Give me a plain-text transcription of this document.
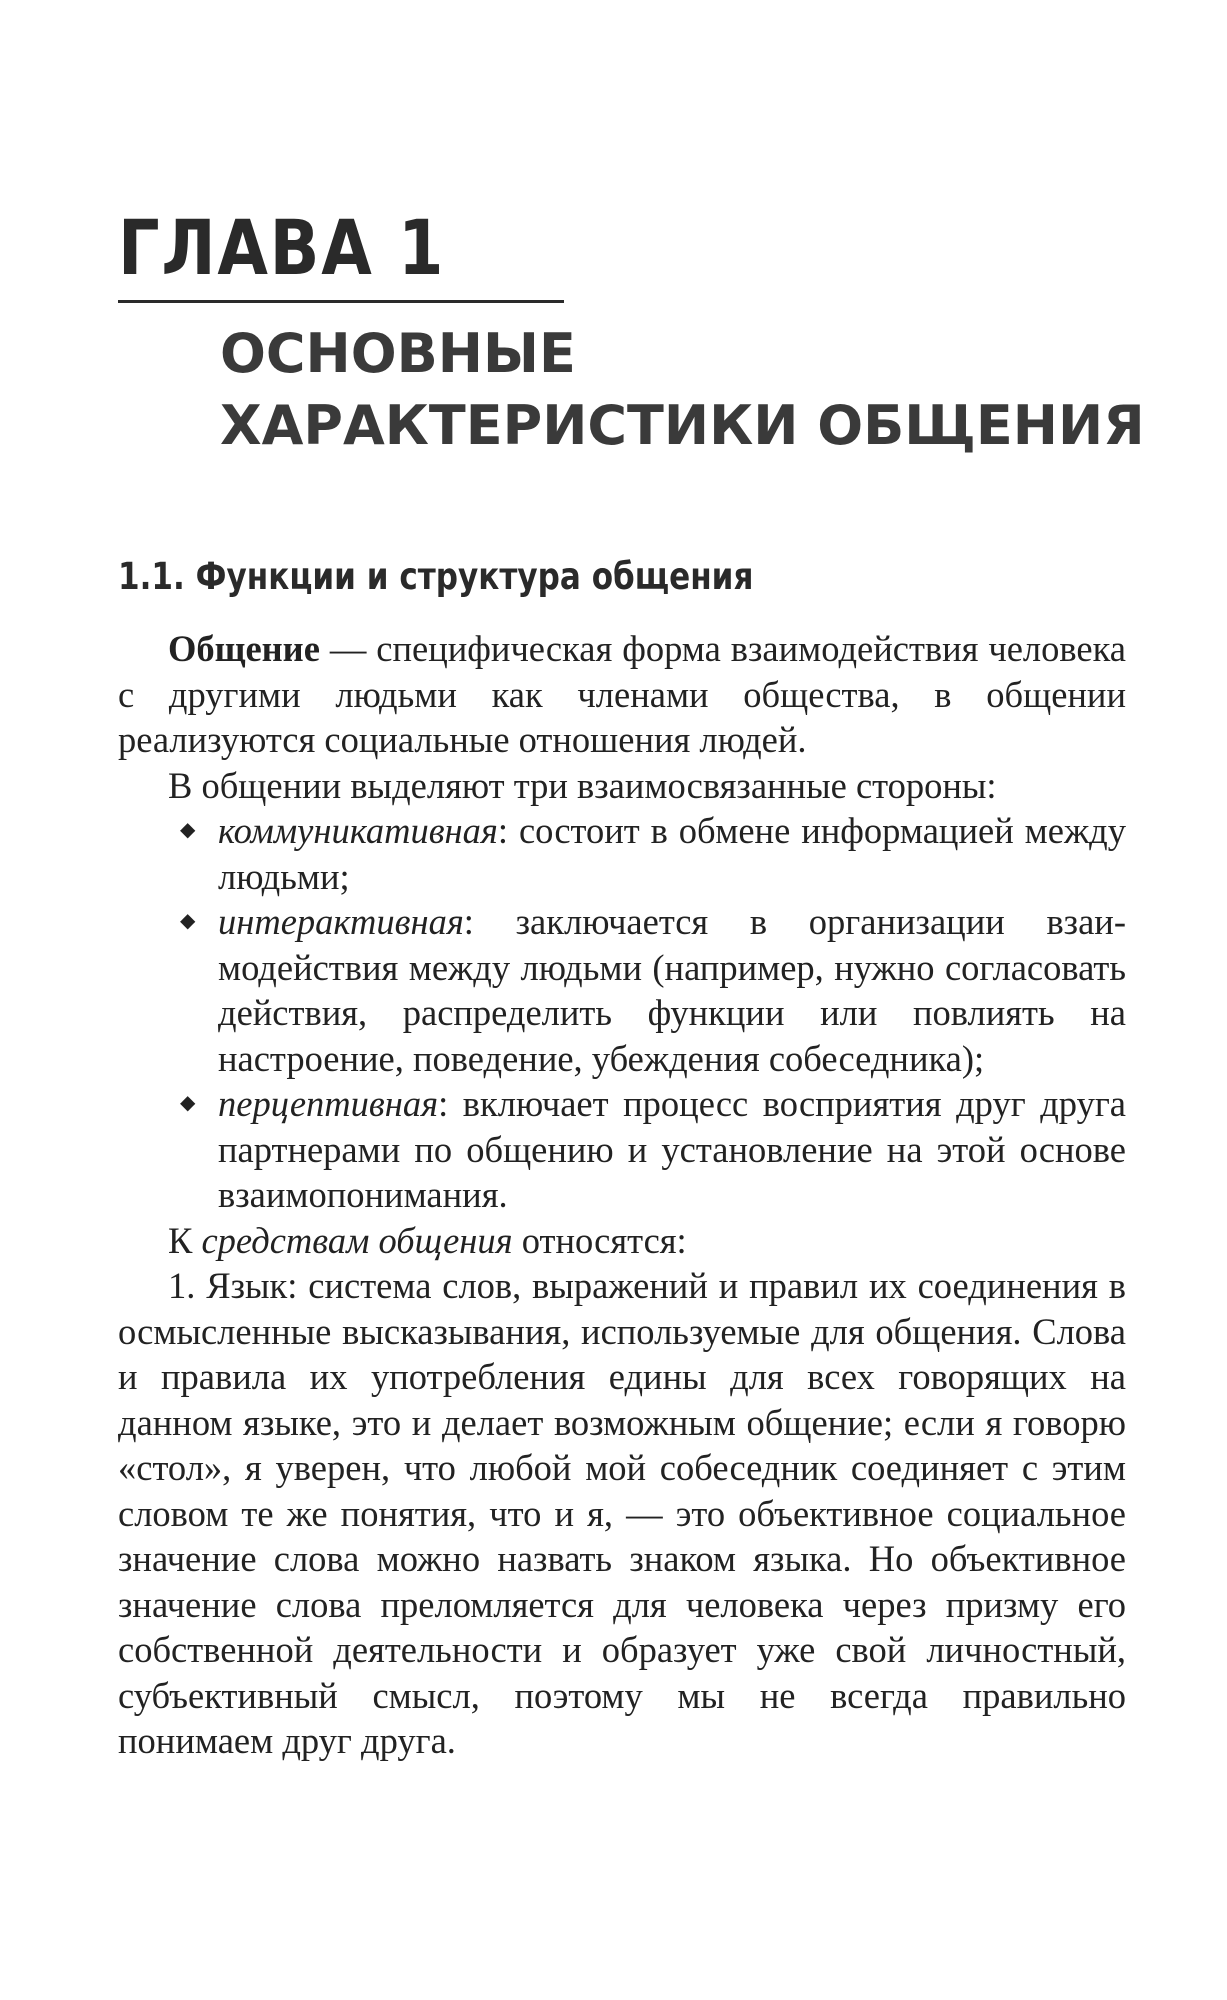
ГЛАВА 1
ОСНОВНЫЕ
ХАРАКТЕРИСТИКИ ОБЩЕНИЯ
1.1. Функции и структура общения

Общение — специфическая форма взаимодействия человека с другими людьми как членами общества, в общении реализуются социальные отношения людей.

В общении выделяют три взаимосвязанные стороны:

◆ коммуникативная: состоит в обмене информацией между людьми;
◆ интерактивная: заключается в организации взаимодействия между людьми (например, нужно согласовать действия, распределить функции или повлиять на настроение, поведение, убеждения собеседника);
◆ перцептивная: включает процесс восприятия друг друга партнерами по общению и установление на этой основе взаимопонимания.

К средствам общения относятся:

1. Язык: система слов, выражений и правил их соединения в осмысленные высказывания, используемые для общения. Слова и правила их употребления едины для всех говорящих на данном языке, это и делает возможным общение; если я говорю «стол», я уверен, что любой мой собеседник соединяет с этим словом те же понятия, что и я, — это объективное социальное значение слова можно назвать знаком языка. Но объективное значение слова преломляется для человека через призму его собственной деятельности и образует уже свой личностный, субъективный смысл, поэтому мы не всегда правильно понимаем друг друга.
